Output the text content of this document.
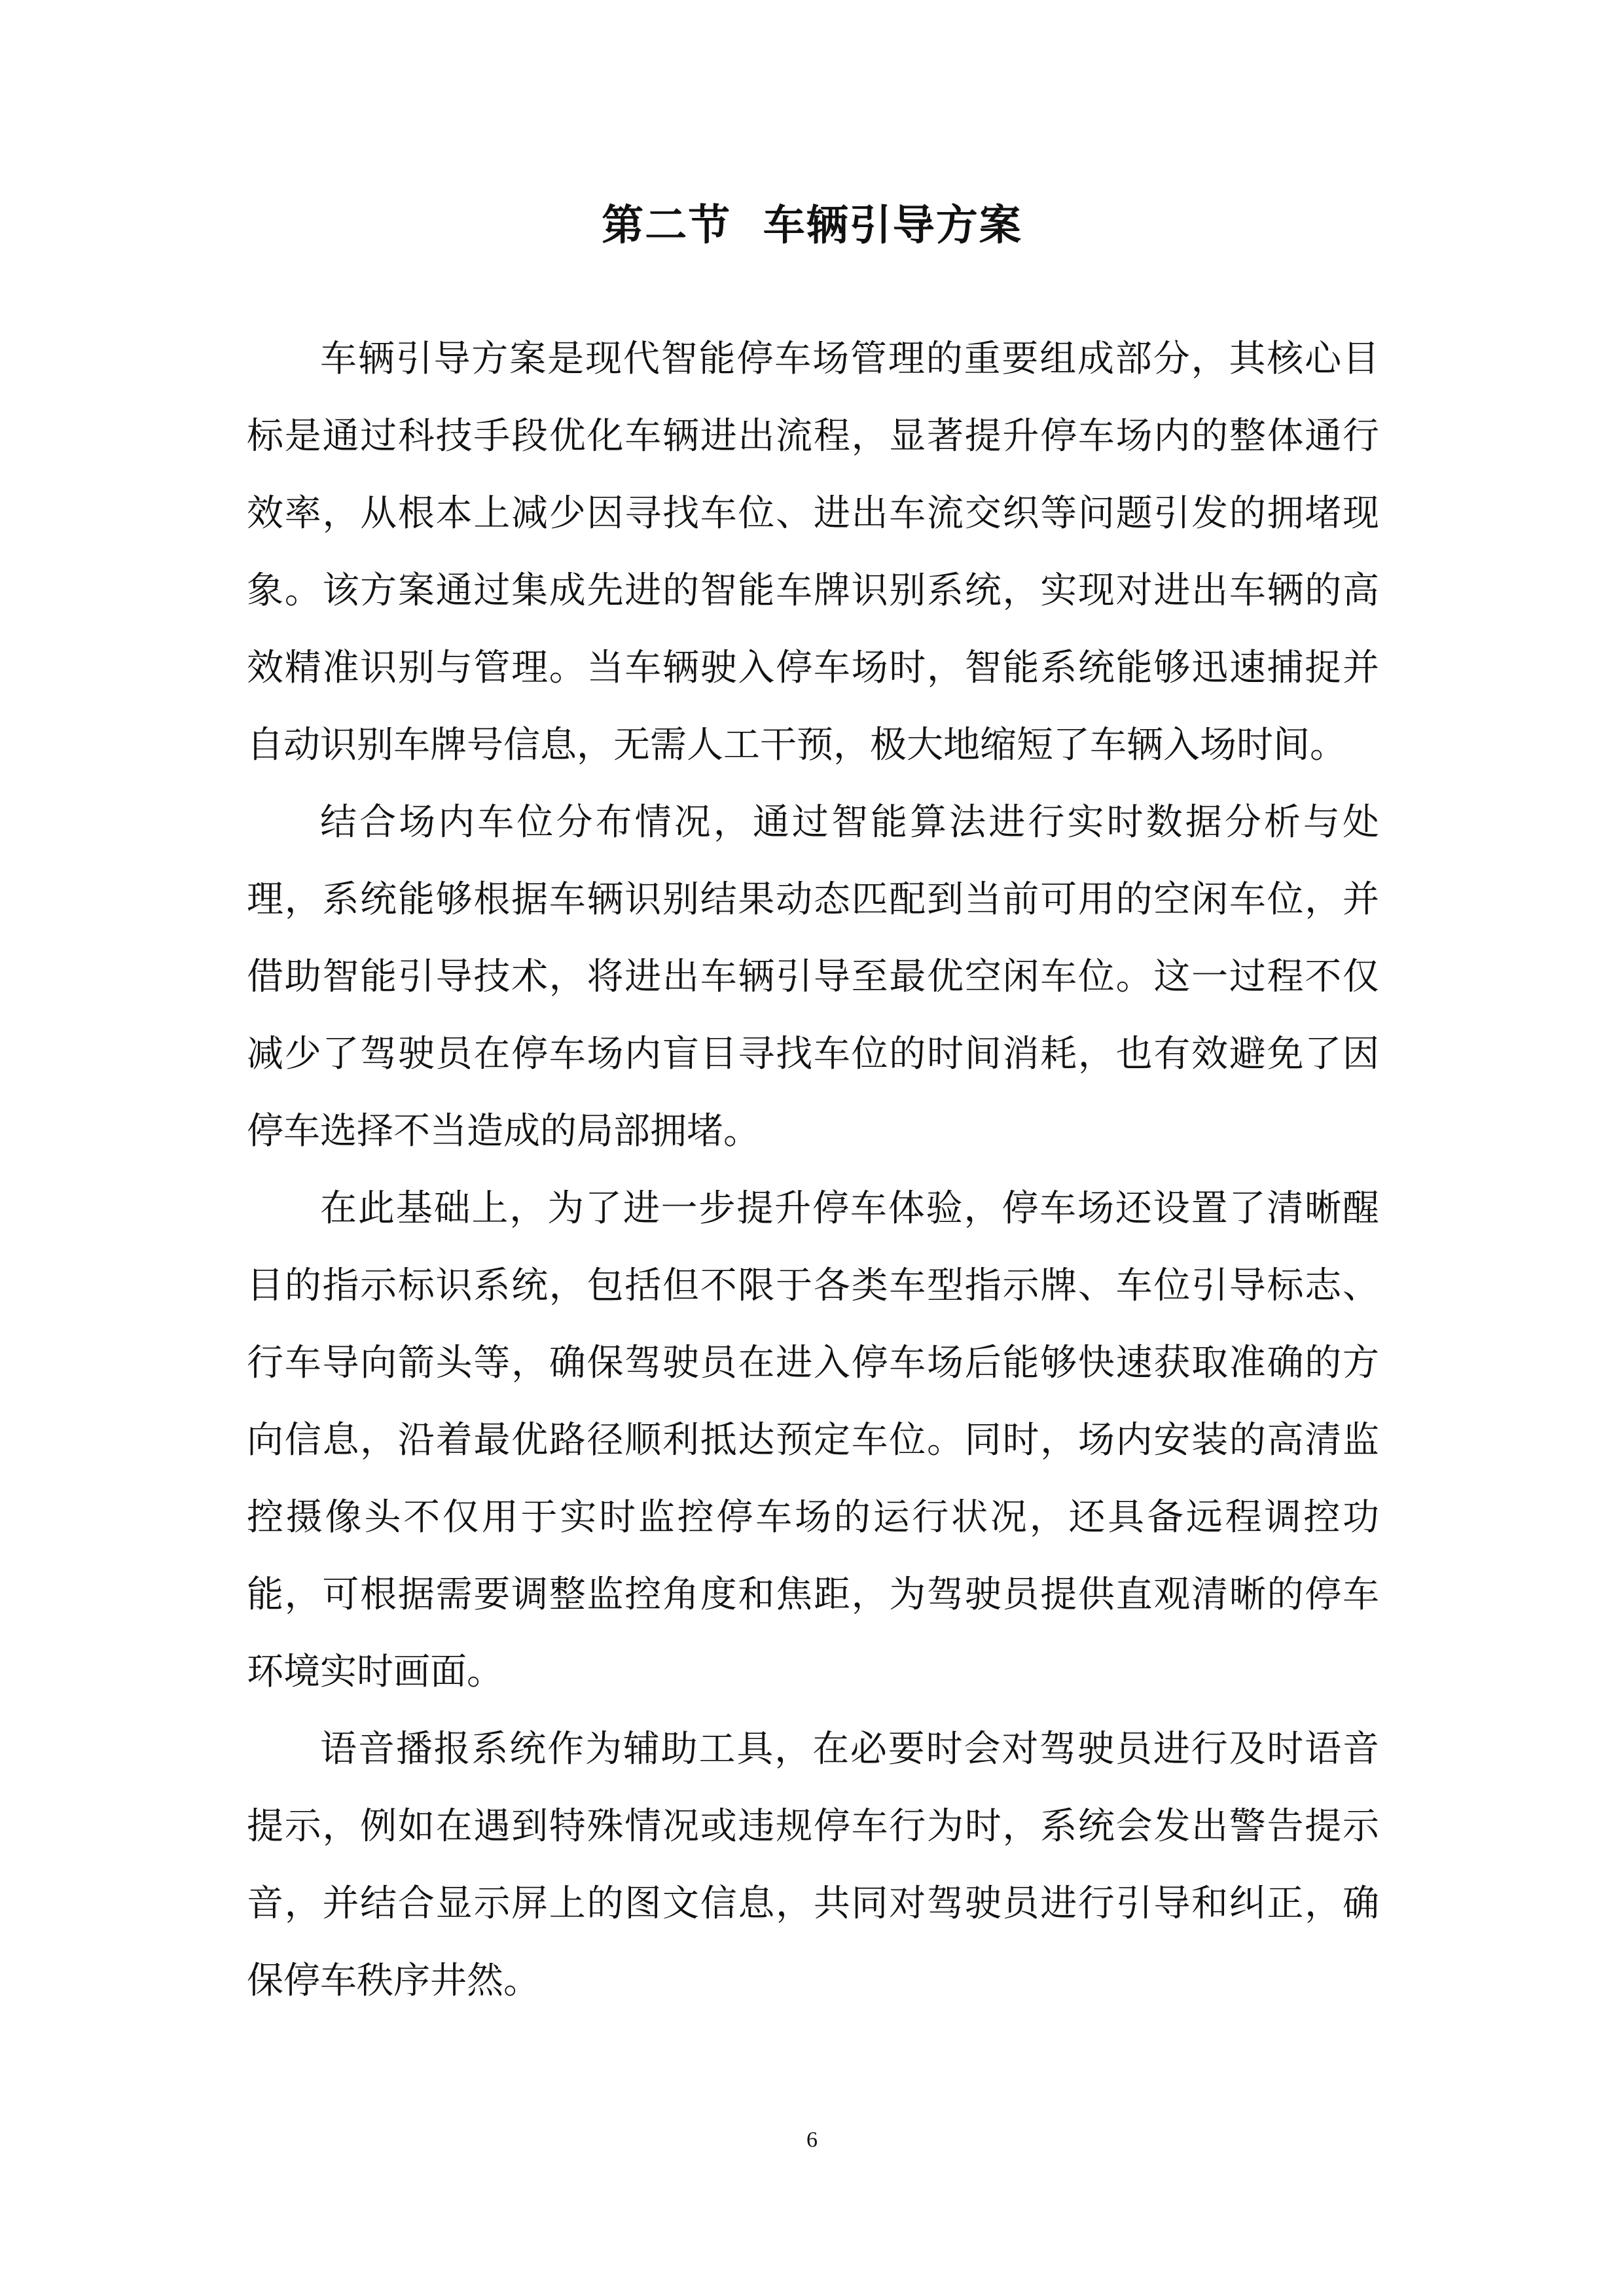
第二节  车辆引导方案

车辆引导方案是现代智能停车场管理的重要组成部分，其核心目标是通过科技手段优化车辆进出流程，显著提升停车场内的整体通行效率，从根本上减少因寻找车位、进出车流交织等问题引发的拥堵现象。该方案通过集成先进的智能车牌识别系统，实现对进出车辆的高效精准识别与管理。当车辆驶入停车场时，智能系统能够迅速捕捉并自动识别车牌号信息，无需人工干预，极大地缩短了车辆入场时间。

结合场内车位分布情况，通过智能算法进行实时数据分析与处理，系统能够根据车辆识别结果动态匹配到当前可用的空闲车位，并借助智能引导技术，将进出车辆引导至最优空闲车位。这一过程不仅减少了驾驶员在停车场内盲目寻找车位的时间消耗，也有效避免了因停车选择不当造成的局部拥堵。

在此基础上，为了进一步提升停车体验，停车场还设置了清晰醒目的指示标识系统，包括但不限于各类车型指示牌、车位引导标志、行车导向箭头等，确保驾驶员在进入停车场后能够快速获取准确的方向信息，沿着最优路径顺利抵达预定车位。同时，场内安装的高清监控摄像头不仅用于实时监控停车场的运行状况，还具备远程调控功能，可根据需要调整监控角度和焦距，为驾驶员提供直观清晰的停车环境实时画面。

语音播报系统作为辅助工具，在必要时会对驾驶员进行及时语音提示，例如在遇到特殊情况或违规停车行为时，系统会发出警告提示音，并结合显示屏上的图文信息，共同对驾驶员进行引导和纠正，确保停车秩序井然。

6
